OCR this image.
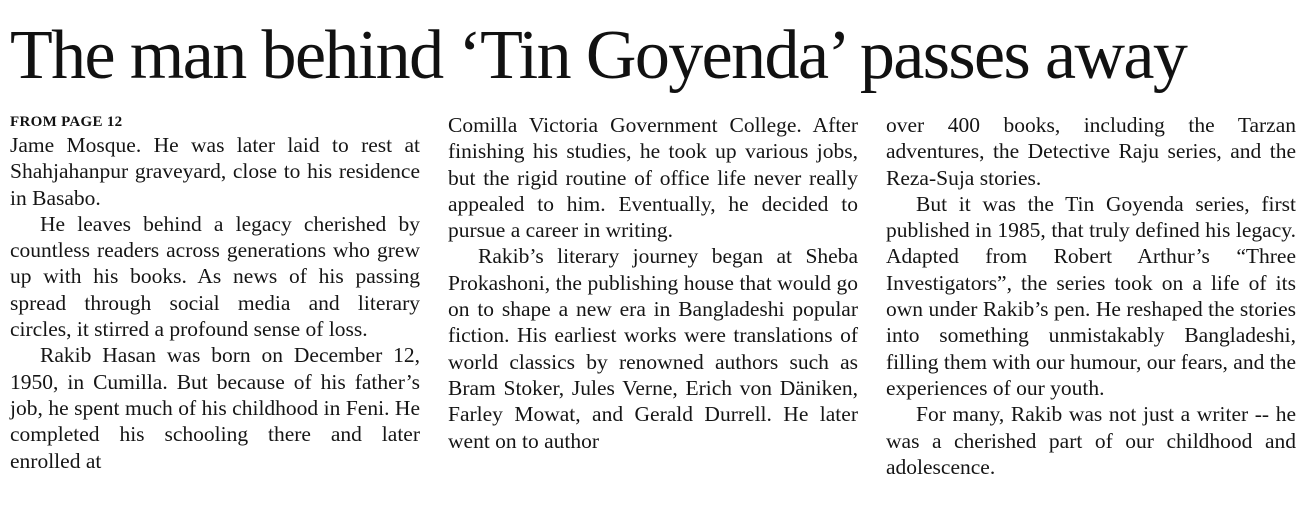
The man behind ‘Tin Goyenda’ passes away
FROM PAGE 12

Jame Mosque. He was later laid to rest at Shahjahanpur graveyard, close to his residence in Basabo.

He leaves behind a legacy cherished by countless readers across generations who grew up with his books. As news of his passing spread through social media and literary circles, it stirred a profound sense of loss.

Rakib Hasan was born on December 12, 1950, in Cumilla. But because of his father’s job, he spent much of his childhood in Feni. He completed his schooling there and later enrolled at

Comilla Victoria Government College. After finishing his studies, he took up various jobs, but the rigid routine of office life never really appealed to him. Eventually, he decided to pursue a career in writing.

Rakib’s literary journey began at Sheba Prokashoni, the publishing house that would go on to shape a new era in Bangladeshi popular fiction. His earliest works were translations of world classics by renowned authors such as Bram Stoker, Jules Verne, Erich von Däniken, Farley Mowat, and Gerald Durrell. He later went on to author

over 400 books, including the Tarzan adventures, the Detective Raju series, and the Reza-Suja stories.

But it was the Tin Goyenda series, first published in 1985, that truly defined his legacy. Adapted from Robert Arthur’s “Three Investigators”, the series took on a life of its own under Rakib’s pen. He reshaped the stories into something unmistakably Bangladeshi, filling them with our humour, our fears, and the experiences of our youth.

For many, Rakib was not just a writer -- he was a cherished part of our childhood and adolescence.
